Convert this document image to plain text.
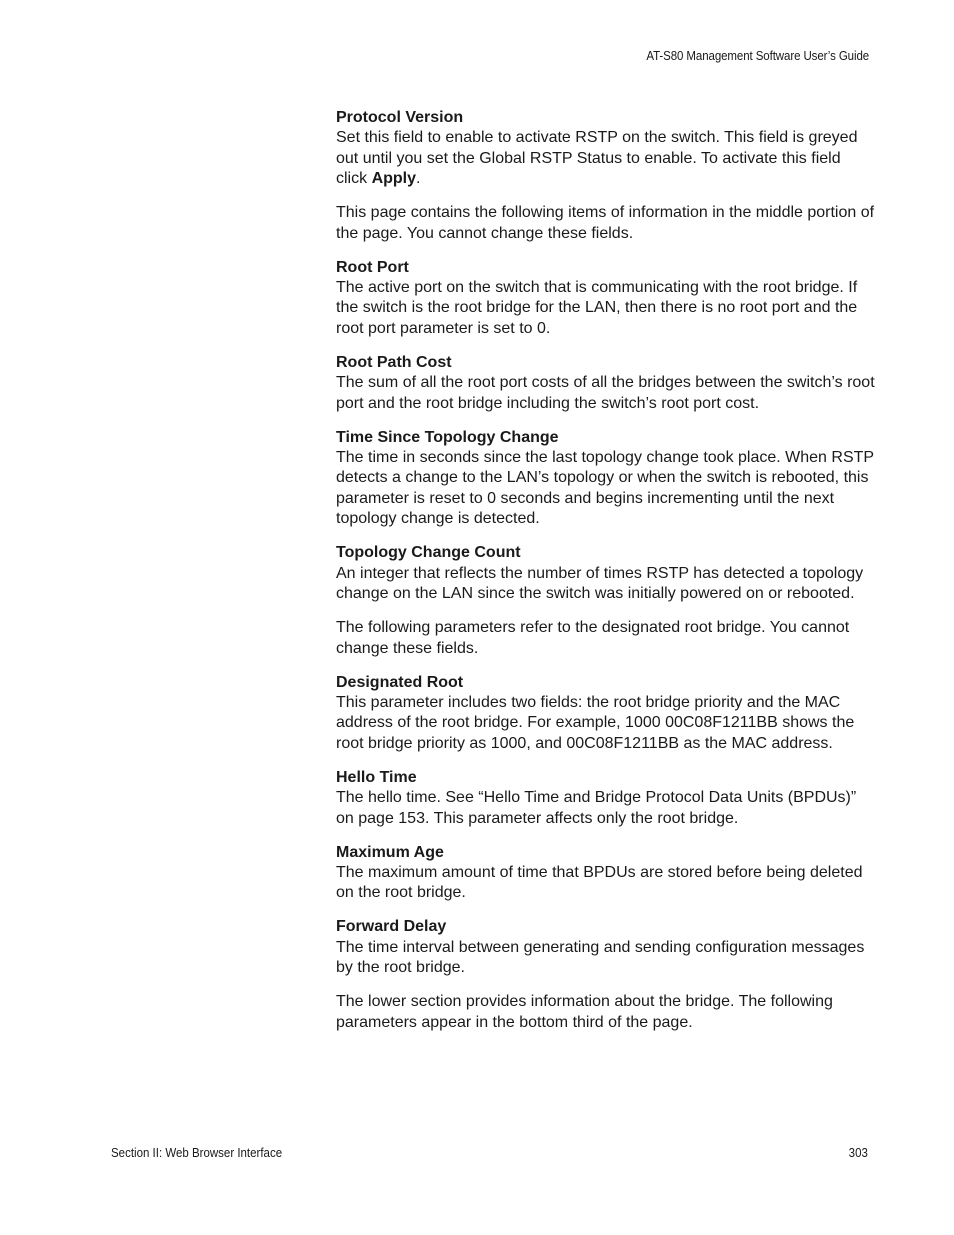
AT-S80 Management Software User’s Guide
Protocol Version

Set this field to enable to activate RSTP on the switch. This field is greyed out until you set the Global RSTP Status to enable. To activate this field click Apply.

This page contains the following items of information in the middle portion of the page. You cannot change these fields.

Root Port

The active port on the switch that is communicating with the root bridge. If the switch is the root bridge for the LAN, then there is no root port and the root port parameter is set to 0.

Root Path Cost

The sum of all the root port costs of all the bridges between the switch’s root port and the root bridge including the switch’s root port cost.

Time Since Topology Change

The time in seconds since the last topology change took place. When RSTP detects a change to the LAN’s topology or when the switch is rebooted, this parameter is reset to 0 seconds and begins incrementing until the next topology change is detected.

Topology Change Count

An integer that reflects the number of times RSTP has detected a topology change on the LAN since the switch was initially powered on or rebooted.

The following parameters refer to the designated root bridge. You cannot change these fields.

Designated Root

This parameter includes two fields: the root bridge priority and the MAC address of the root bridge. For example, 1000 00C08F1211BB shows the root bridge priority as 1000, and 00C08F1211BB as the MAC address.

Hello Time

The hello time. See “Hello Time and Bridge Protocol Data Units (BPDUs)” on page 153. This parameter affects only the root bridge.

Maximum Age

The maximum amount of time that BPDUs are stored before being deleted on the root bridge.

Forward Delay

The time interval between generating and sending configuration messages by the root bridge.

The lower section provides information about the bridge. The following parameters appear in the bottom third of the page.

Section II: Web Browser Interface	303
